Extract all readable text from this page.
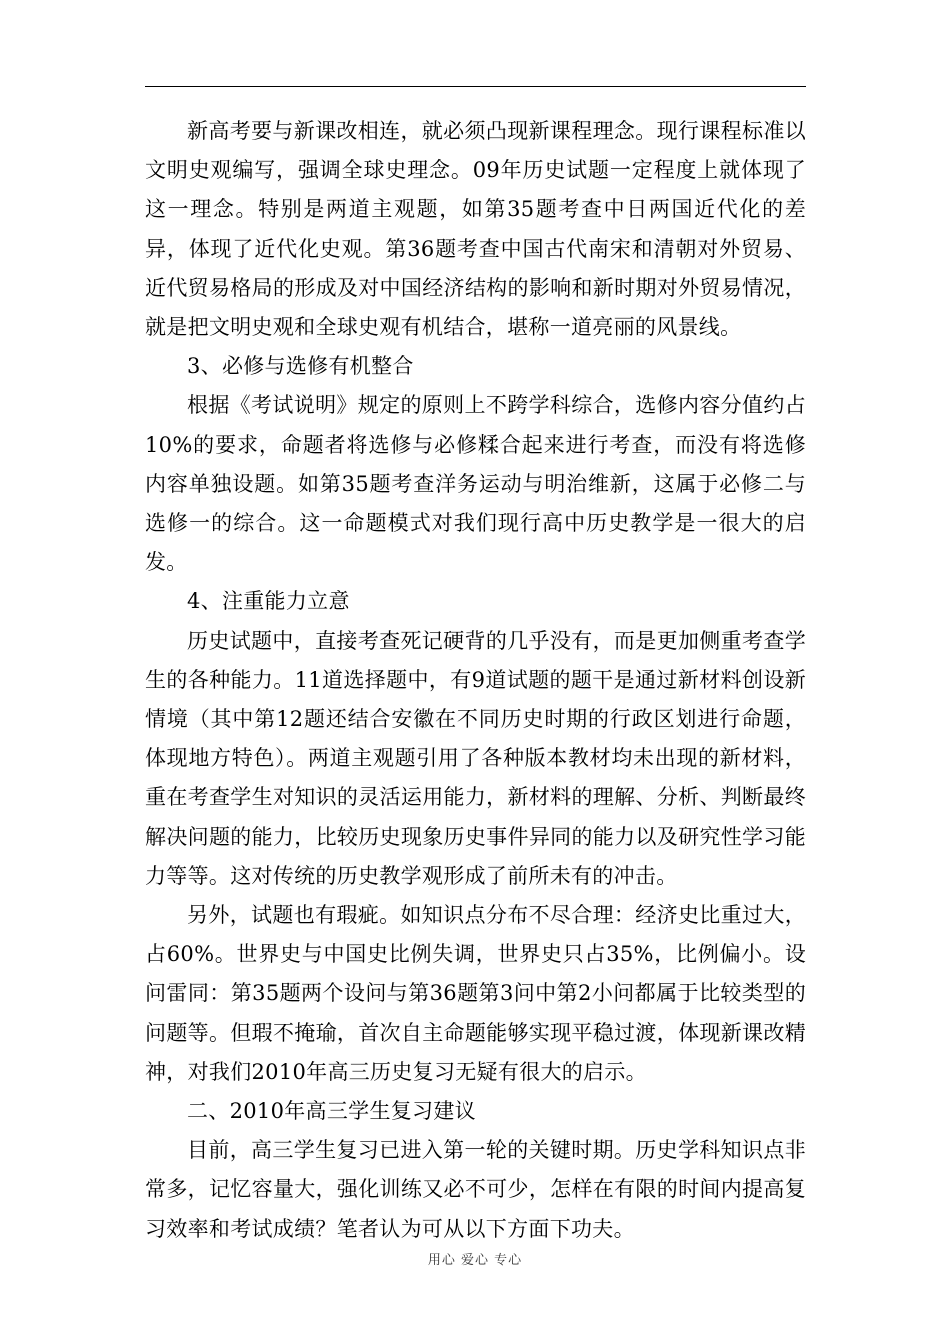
新高考要与新课改相连，就必须凸现新课程理念。现行课程标准以文明史观编写，强调全球史理念。09年历史试题一定程度上就体现了这一理念。特别是两道主观题，如第35题考查中日两国近代化的差异，体现了近代化史观。第36题考查中国古代南宋和清朝对外贸易、近代贸易格局的形成及对中国经济结构的影响和新时期对外贸易情况，就是把文明史观和全球史观有机结合，堪称一道亮丽的风景线。

3、必修与选修有机整合

根据《考试说明》规定的原则上不跨学科综合，选修内容分值约占10%的要求，命题者将选修与必修糅合起来进行考查，而没有将选修内容单独设题。如第35题考查洋务运动与明治维新，这属于必修二与选修一的综合。这一命题模式对我们现行高中历史教学是一很大的启发。

4、注重能力立意

历史试题中，直接考查死记硬背的几乎没有，而是更加侧重考查学生的各种能力。11道选择题中，有9道试题的题干是通过新材料创设新情境（其中第12题还结合安徽在不同历史时期的行政区划进行命题，体现地方特色）。两道主观题引用了各种版本教材均未出现的新材料，重在考查学生对知识的灵活运用能力，新材料的理解、分析、判断最终解决问题的能力，比较历史现象历史事件异同的能力以及研究性学习能力等等。这对传统的历史教学观形成了前所未有的冲击。

另外，试题也有瑕疵。如知识点分布不尽合理：经济史比重过大，占60%。世界史与中国史比例失调，世界史只占35%，比例偏小。设问雷同：第35题两个设问与第36题第3问中第2小问都属于比较类型的问题等。但瑕不掩瑜，首次自主命题能够实现平稳过渡，体现新课改精神，对我们2010年高三历史复习无疑有很大的启示。

二、2010年高三学生复习建议

目前，高三学生复习已进入第一轮的关键时期。历史学科知识点非常多，记忆容量大，强化训练又必不可少，怎样在有限的时间内提高复习效率和考试成绩？笔者认为可从以下方面下功夫。

用心 爱心 专心
